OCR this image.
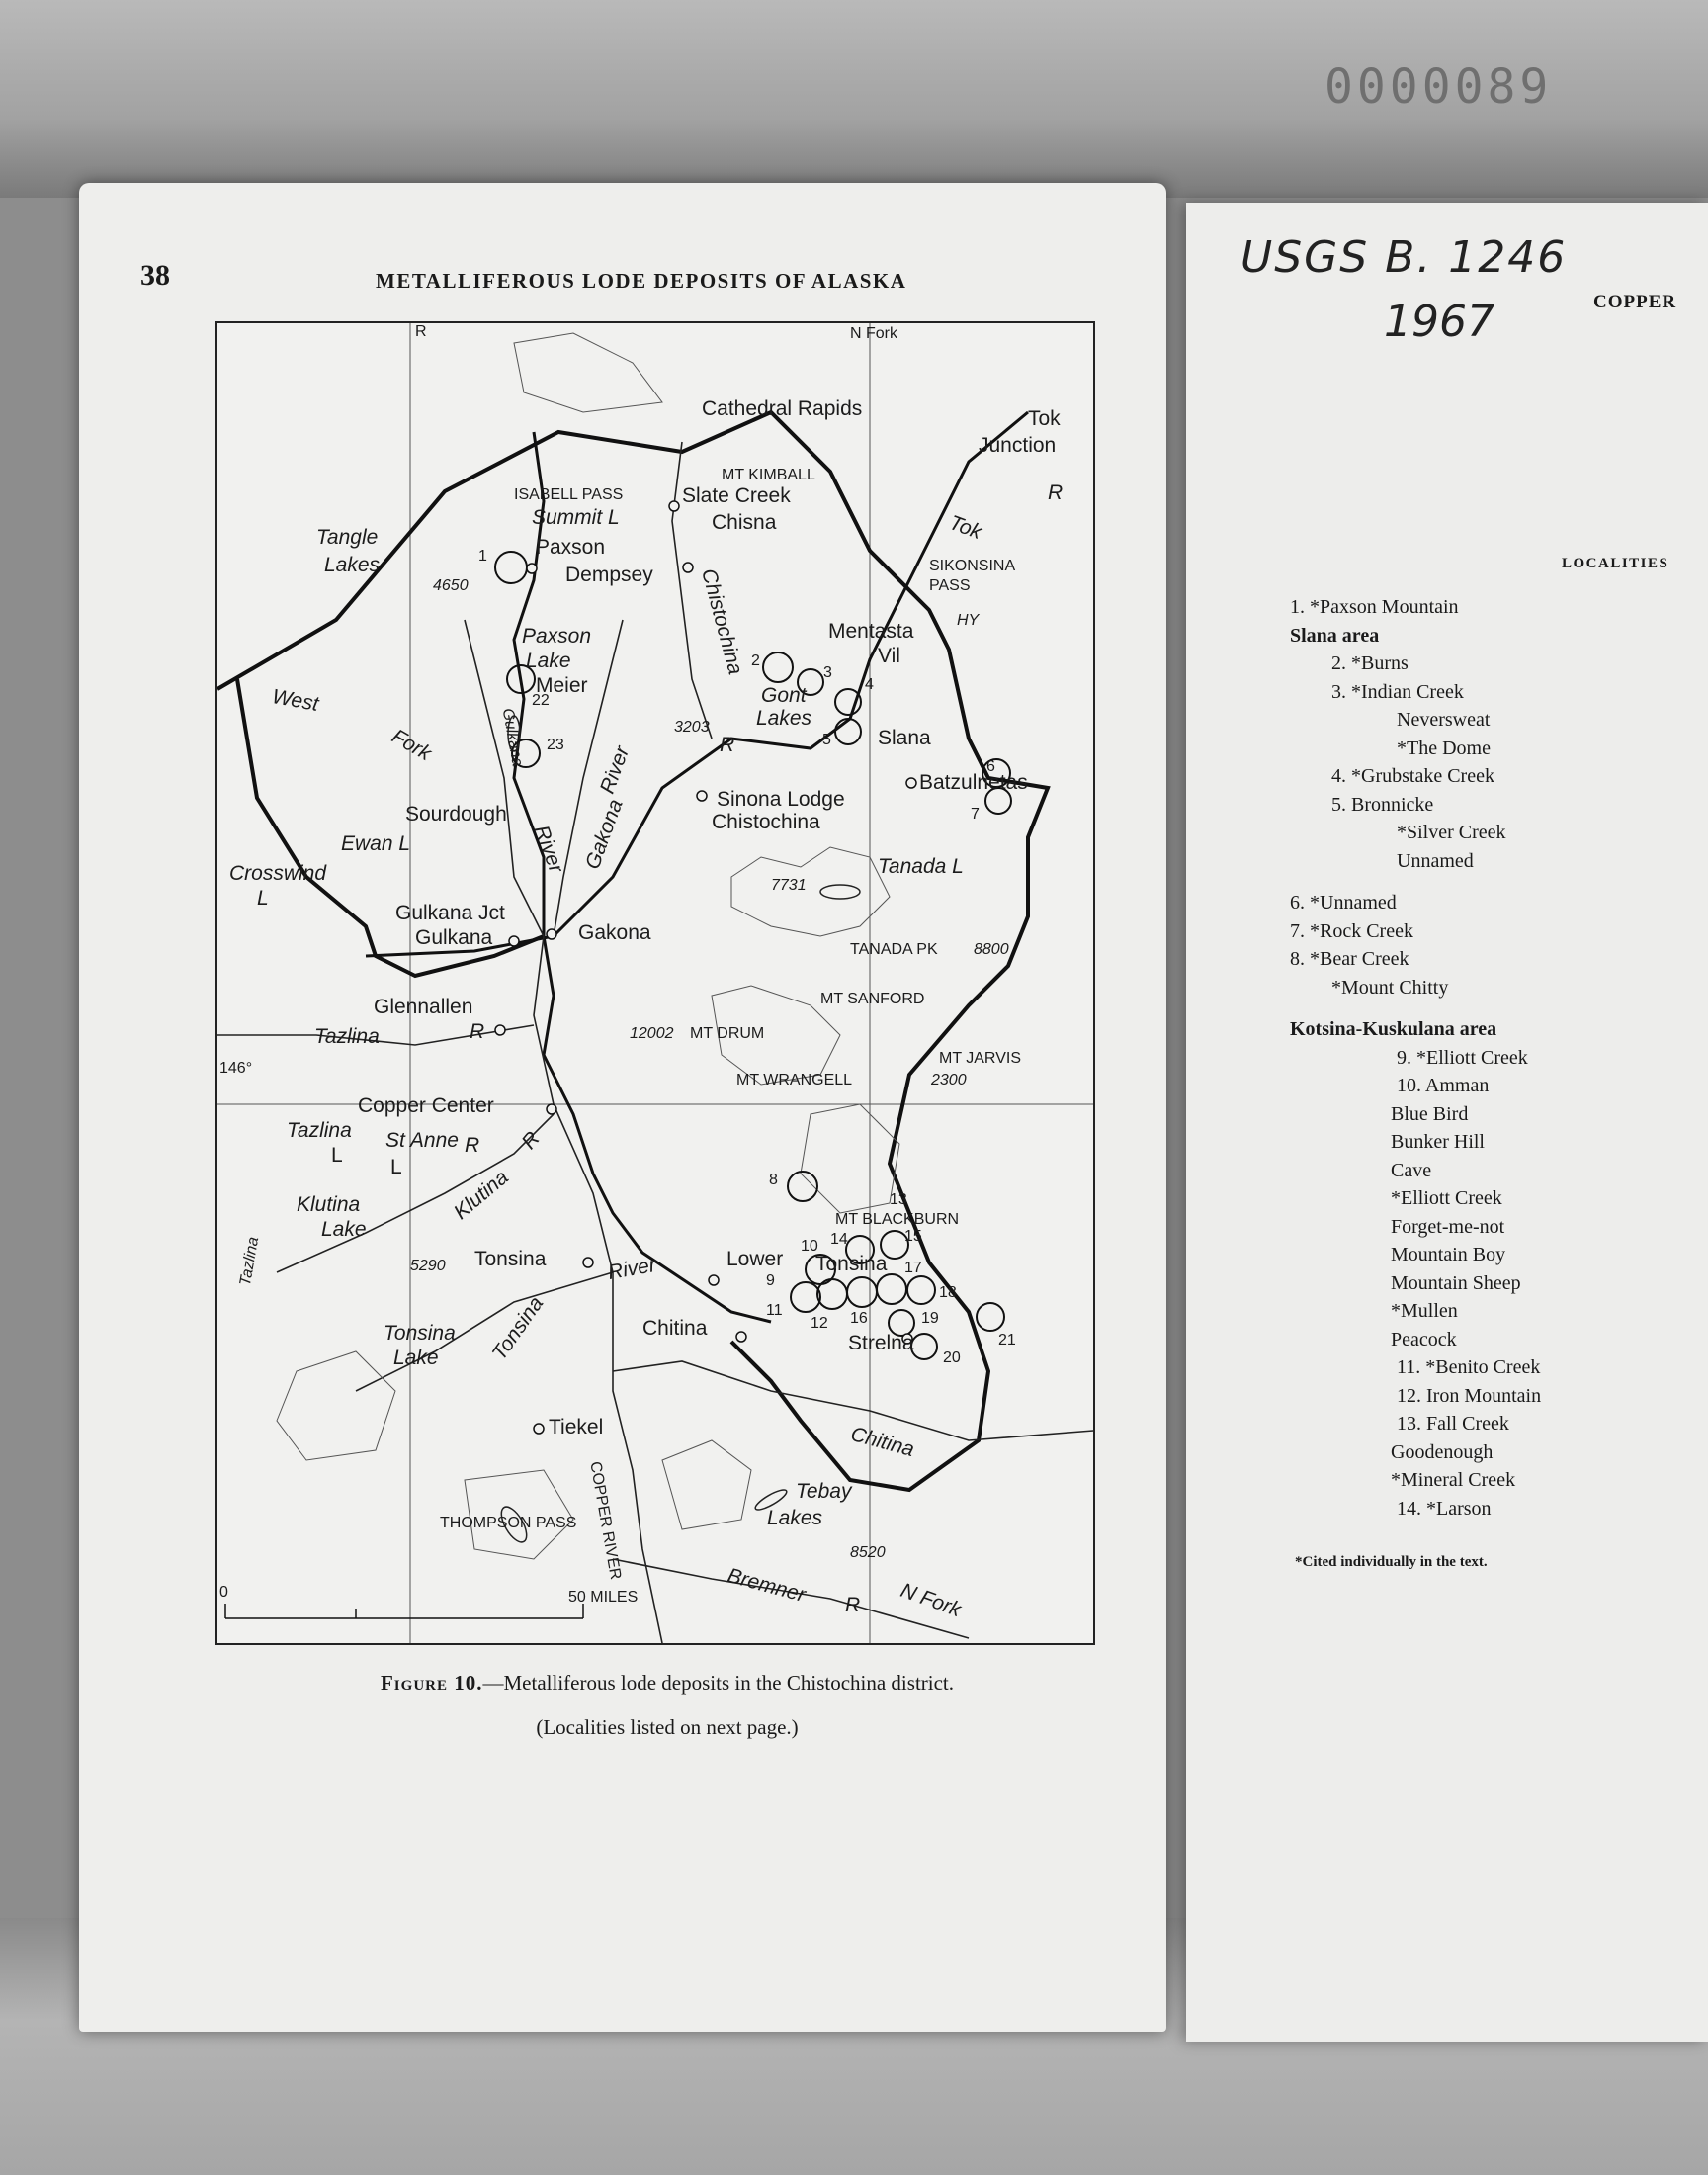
0000089
38	METALLIFEROUS LODE DEPOSITS OF ALASKA
R	N Fork
146°
Cathedral Rapids	Tok
Junction
Tok
R
MT KIMBALL
ISABELL PASS
Summit L
Slate Creek
Chisna
SIKONSINA
PASS
HY
Tangle
Lakes
Paxson
Dempsey
4650
Paxson
Lake
Meier
Mentasta
Vil
Gont
Lakes
3203	Slana
Batzulnetas
West
Fork	Gulkana
River Gakona
River
Chistochina
R
Sinona Lodge
Chistochina
Sourdough
Ewan L
Crosswind
L
7731
Tanada L
Gulkana Jct
Gulkana	Gakona
TANADA PK 8800
Glennallen	MT SANFORD
Tazlina	R	12002 MT DRUM
MT JARVIS
MT WRANGELL	2300
Copper Center
Tazlina
L
St Anne
L
R
Klutina
Lake
Klutina
R
MT BLACKBURN
5290 Tonsina	River	Lower Tonsina
Tonsina
Lake Tonsina	Chitina
Strelna
Tiekel	Chitina
COPPER RIVER	Tebay
Lakes
THOMPSON PASS
8520
Bremner R N Fork
0	50 MILES
Tazlina
1
2
3
4
5
6
7
8
9
10
11
12
13
14	15
16
17
18
19
20
21
22
23
Figure 10.—Metalliferous lode deposits in the Chistochina district.
(Localities listed on next page.)
USGS B. 1246
1967	COPPER
LOCALITIES
1. *Paxson Mountain
Slana area
2. *Burns
3. *Indian Creek
Neversweat
*The Dome
4. *Grubstake Creek
5. Bronnicke
*Silver Creek
Unnamed
6. *Unnamed
7. *Rock Creek
8. *Bear Creek
*Mount Chitty
Kotsina-Kuskulana area
9. *Elliott Creek
10. Amman
Blue Bird
Bunker Hill
Cave
*Elliott Creek
Forget-me-not
Mountain Boy
Mountain Sheep
*Mullen
Peacock
11. *Benito Creek
12. Iron Mountain
13. Fall Creek
Goodenough
*Mineral Creek
14. *Larson
*Cited individually in the text.
